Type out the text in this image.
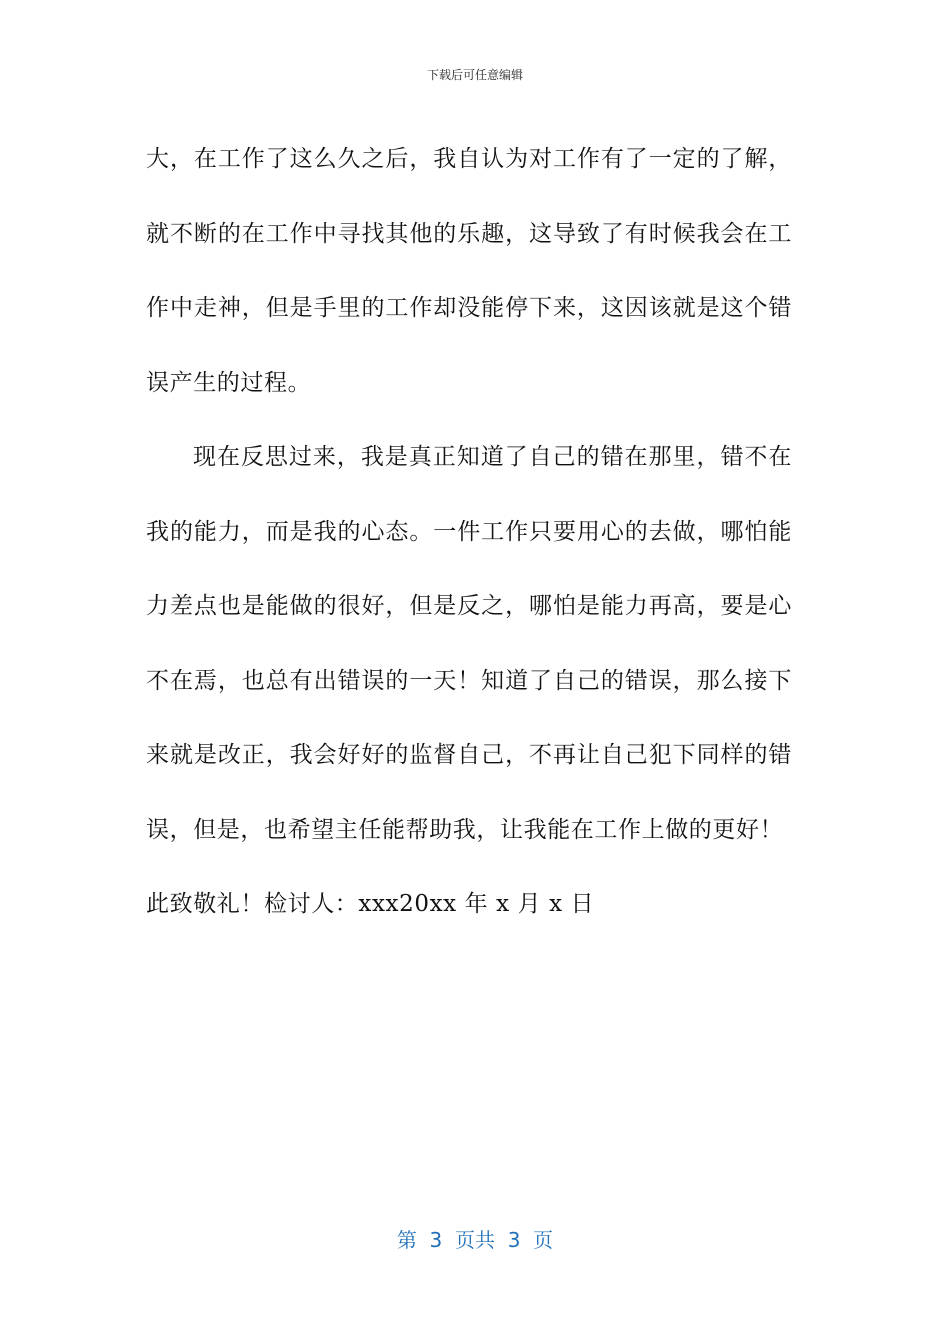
下载后可任意编辑

大，在工作了这么久之后，我自认为对工作有了一定的了解，就不断的在工作中寻找其他的乐趣，这导致了有时候我会在工作中走神，但是手里的工作却没能停下来，这因该就是这个错误产生的过程。

现在反思过来，我是真正知道了自己的错在那里，错不在我的能力，而是我的心态。一件工作只要用心的去做，哪怕能力差点也是能做的很好，但是反之，哪怕是能力再高，要是心不在焉，也总有出错误的一天！知道了自己的错误，那么接下来就是改正，我会好好的监督自己，不再让自己犯下同样的错误，但是，也希望主任能帮助我，让我能在工作上做的更好！

此致敬礼！检讨人：xxx20xx 年 x 月 x 日

第  3  页共  3  页
